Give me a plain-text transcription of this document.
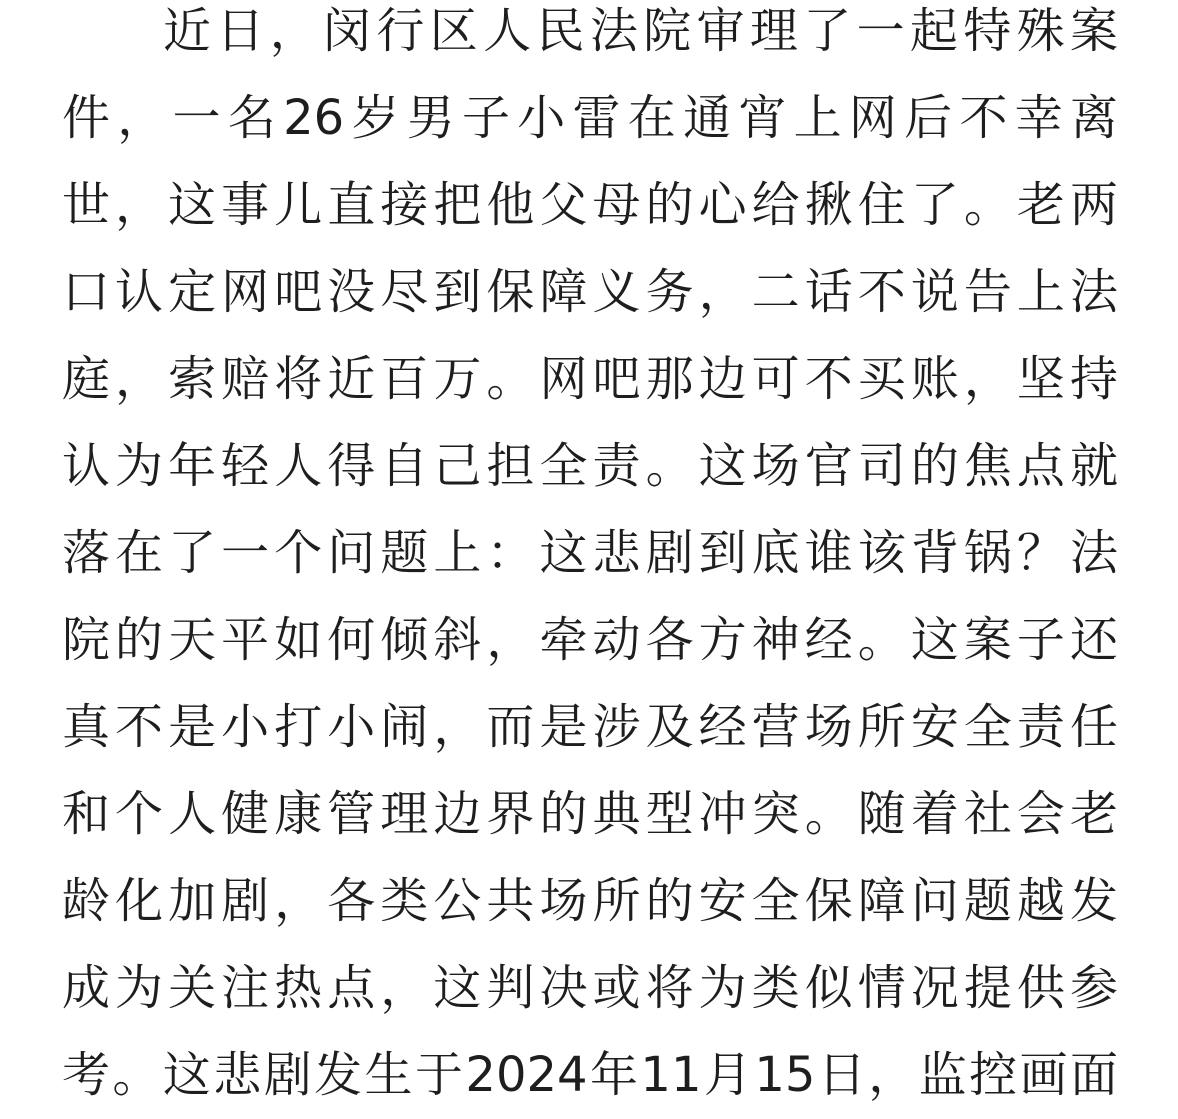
近日，闵行区人民法院审理了一起特殊案
件，一名26岁男子小雷在通宵上网后不幸离
世，这事儿直接把他父母的心给揪住了。老两
口认定网吧没尽到保障义务，二话不说告上法
庭，索赔将近百万。网吧那边可不买账，坚持
认为年轻人得自己担全责。这场官司的焦点就
落在了一个问题上：这悲剧到底谁该背锅？法
院的天平如何倾斜，牵动各方神经。这案子还
真不是小打小闹，而是涉及经营场所安全责任
和个人健康管理边界的典型冲突。随着社会老
龄化加剧，各类公共场所的安全保障问题越发
成为关注热点，这判决或将为类似情况提供参
考。这悲剧发生于2024年11月15日，监控画面
